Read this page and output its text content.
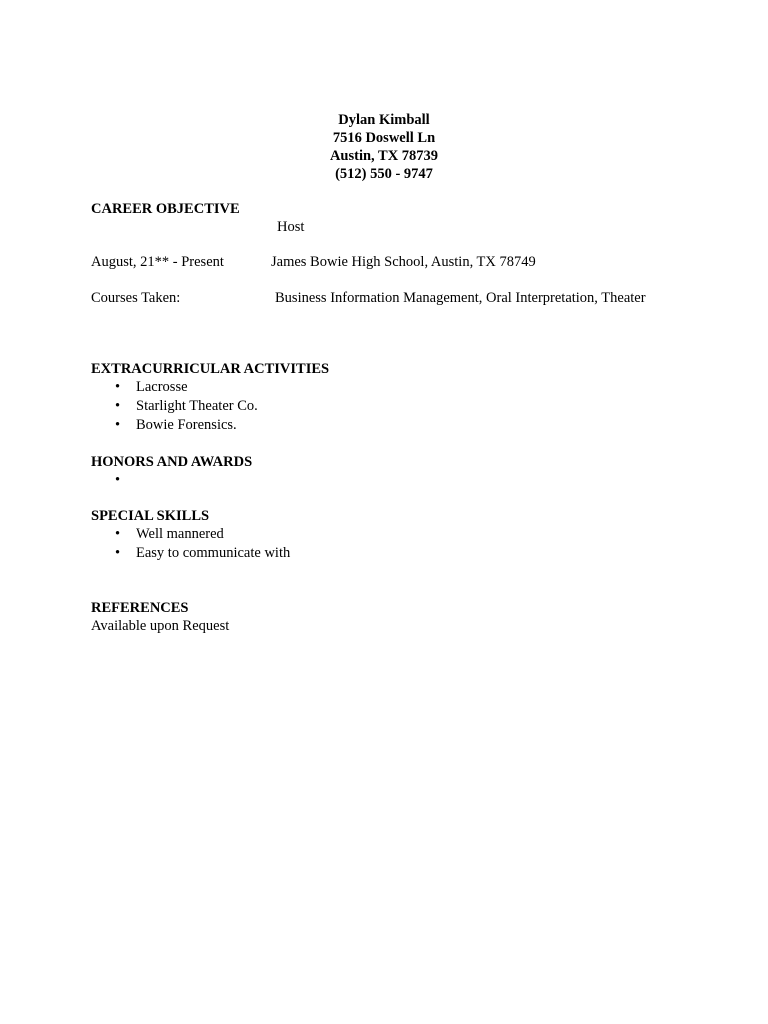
Dylan Kimball
7516 Doswell Ln
Austin, TX 78739
(512) 550 - 9747
CAREER OBJECTIVE
Host
August, 21** - Present	James Bowie High School, Austin, TX 78749
Courses Taken:	Business Information Management, Oral Interpretation, Theater
EXTRACURRICULAR ACTIVITIES
• Lacrosse
• Starlight Theater Co.
• Bowie Forensics.
HONORS AND AWARDS
•
SPECIAL SKILLS
• Well mannered
• Easy to communicate with
REFERENCES
Available upon Request
